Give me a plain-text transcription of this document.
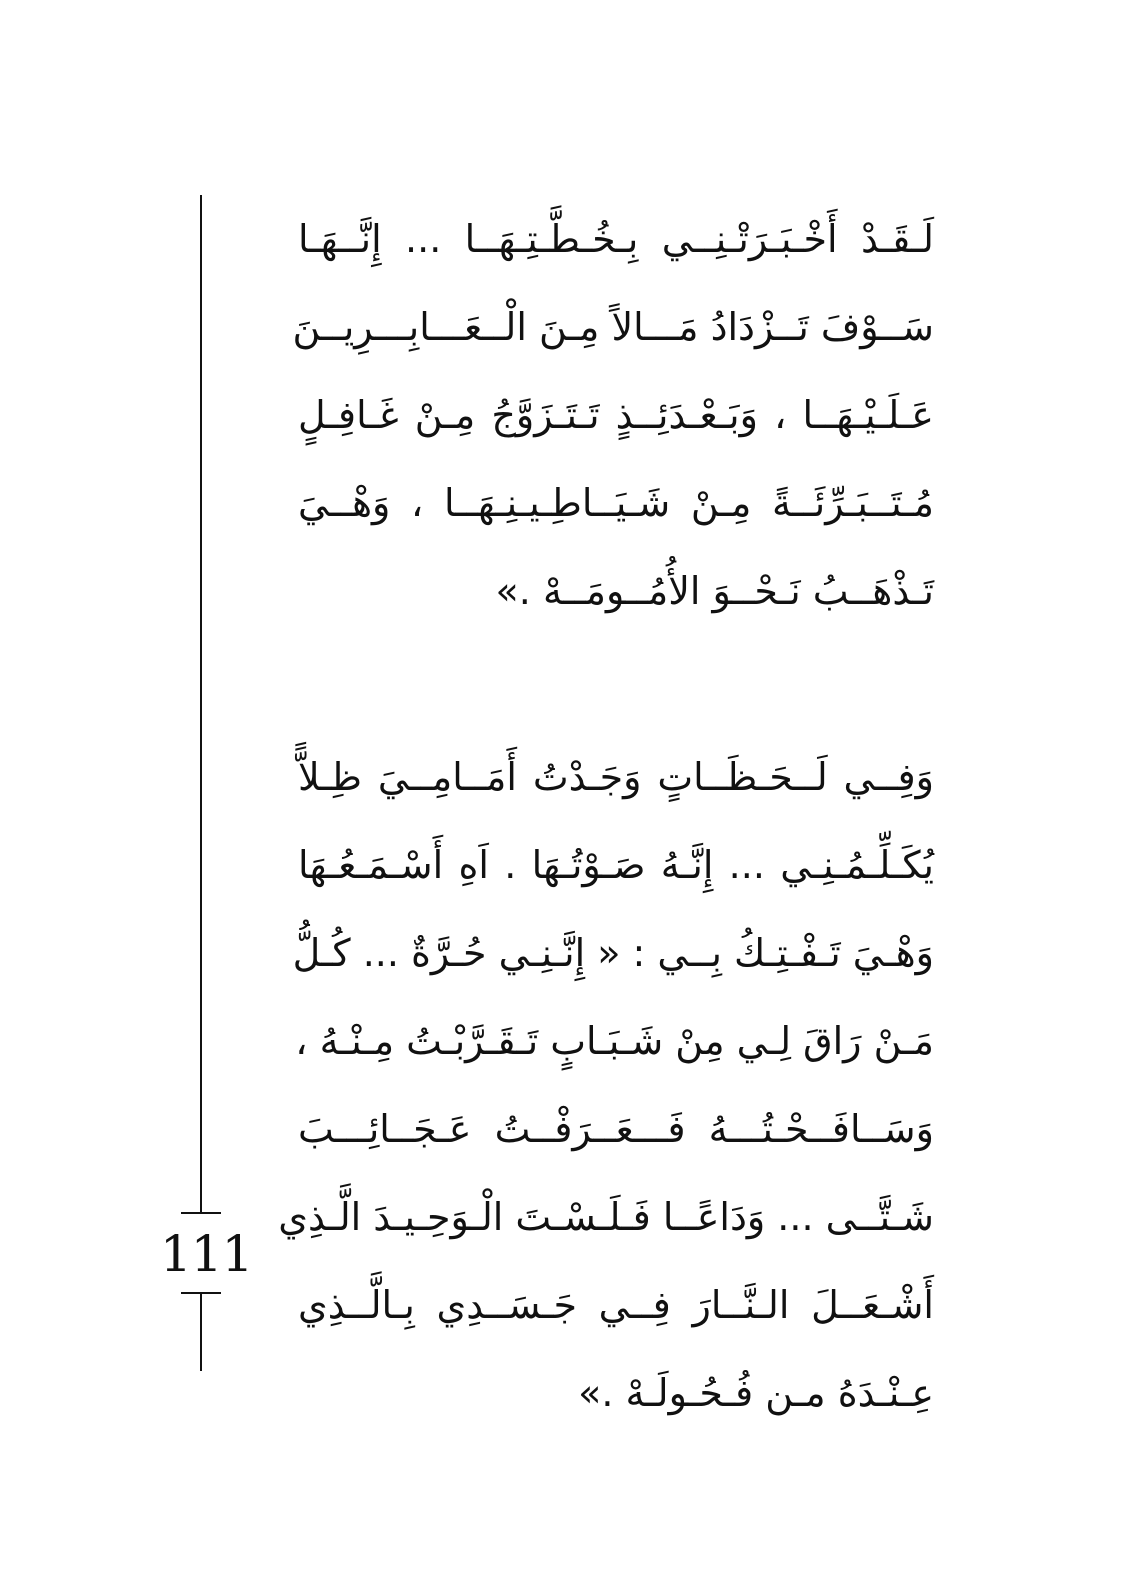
111

لَـقَـدْ أَخْـبَـرَتْـنِــي بِـخُـطَّـتِـهَــا ... إِنَّــهَـا
سَــوْفَ تَــزْدَادُ مَـــالاً مِـنَ الْــعَـــابِـــرِيــنَ
عَـلَـيْـهَــا ، وَبَـعْـدَئِــذٍ تَـتَـزَوَّجُ مِـنْ غَـافِـلٍ
مُـتَــبَـرِّئَــةً مِـنْ شَـيَــاطِـيـنِـهَــا ، وَهْــيَ
تَـذْهَــبُ نَـحْــوَ الأُمُــومَــهْ .»

وَفِــي لَــحَـظَــاتٍ وَجَـدْتُ أَمَــامِــيَ ظِـلاًّ
يُكَـلِّـمُـنِـي ... إِنَّـهُ صَـوْتُـهَا . اَهِ أَسْـمَـعُـهَا
وَهْـيَ تَـفْـتِـكُ بِــي : « إِنَّـنِـي حُـرَّةٌ ... كُـلُّ
مَـنْ رَاقَ لِـي مِنْ شَـبَـابٍ تَـقَـرَّبْـتُ مِـنْـهُ ،
وَسَــافَــحْـتُـــهُ فَـــعَــرَفْــتُ عَـجَــائِـــبَ
شَـتَّــى ... وَدَاعًــا فَـلَـسْـتَ الْـوَحِـيـدَ الَّـذِي
أَشْـعَــلَ الـنَّــارَ فِــي جَـسَــدِي بِـالَّــذِي
عِـنْـدَهُ مـن فُـحُـولَـهْ .»
